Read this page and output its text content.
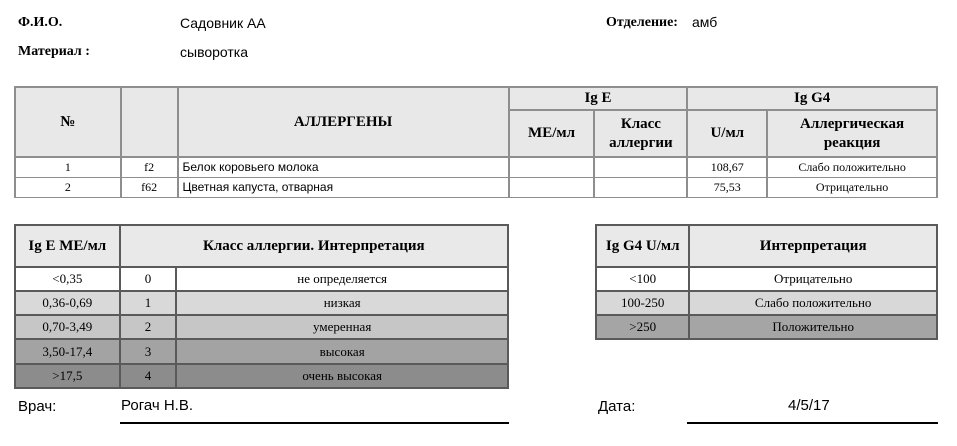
Ф.И.О.	Садовник АА	Отделение: амб
Материал :	сыворотка
№		АЛЛЕРГЕНЫ	Ig E		Ig G4	
			МЕ/мл	Класс аллергии	U/мл	Аллергическая реакция
1	f2	Белок коровьего молока			108,67	Слабо положительно
2	f62	Цветная капуста, отварная			75,53	Отрицательно
Ig E МЕ/мл	Класс аллергии. Интерпретация	
<0,35	0	не определяется
0,36-0,69	1	низкая
0,70-3,49	2	умеренная
3,50-17,4	3	высокая
>17,5	4	очень высокая
Ig G4 U/мл	Интерпретация
<100	Отрицательно
100-250	Слабо положительно
>250	Положительно
Врач:	Рогач Н.В.	Дата:	4/5/17
